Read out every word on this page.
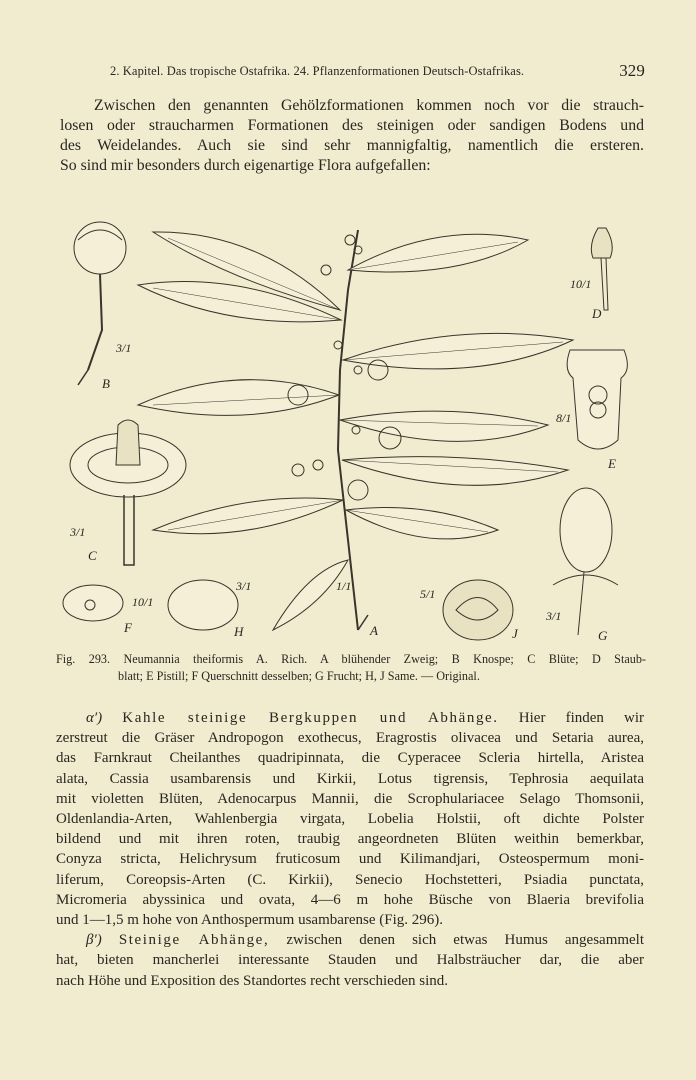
2. Kapitel. Das tropische Ostafrika. 24. Pflanzenformationen Deutsch-Ostafrikas.	329
Zwischen den genannten Gehölzformationen kommen noch vor die strauch-
losen oder straucharmen Formationen des steinigen oder sandigen Bodens und
des Weidelandes. Auch sie sind sehr mannigfaltig, namentlich die ersteren.
So sind mir besonders durch eigenartige Flora aufgefallen:
B
C
D
E
F	H	A	J	G
3/1
3/1
10/1
8/1
10/1
3/1	1/1
5/1
3/1
Fig. 293. Neumannia theiformis A. Rich. A blühender Zweig; B Knospe; C Blüte; D Staub-
blatt; E Pistill; F Querschnitt desselben; G Frucht; H, J Same. — Original.
α′) Kahle steinige Bergkuppen und Abhänge. Hier finden wir
zerstreut die Gräser Andropogon exothecus, Eragrostis olivacea und Setaria aurea,
das Farnkraut Cheilanthes quadripinnata, die Cyperacee Scleria hirtella, Aristea
alata, Cassia usambarensis und Kirkii, Lotus tigrensis, Tephrosia aequilata
mit violetten Blüten, Adenocarpus Mannii, die Scrophulariacee Selago Thomsonii,
Oldenlandia-Arten, Wahlenbergia virgata, Lobelia Holstii, oft dichte Polster
bildend und mit ihren roten, traubig angeordneten Blüten weithin bemerkbar,
Conyza stricta, Helichrysum fruticosum und Kilimandjari, Osteospermum moni-
liferum, Coreopsis-Arten (C. Kirkii), Senecio Hochstetteri, Psiadia punctata,
Micromeria abyssinica und ovata, 4—6 m hohe Büsche von Blaeria brevifolia
und 1—1,5 m hohe von Anthospermum usambarense (Fig. 296).
β′) Steinige Abhänge, zwischen denen sich etwas Humus angesammelt
hat, bieten mancherlei interessante Stauden und Halbsträucher dar, die aber
nach Höhe und Exposition des Standortes recht verschieden sind.
